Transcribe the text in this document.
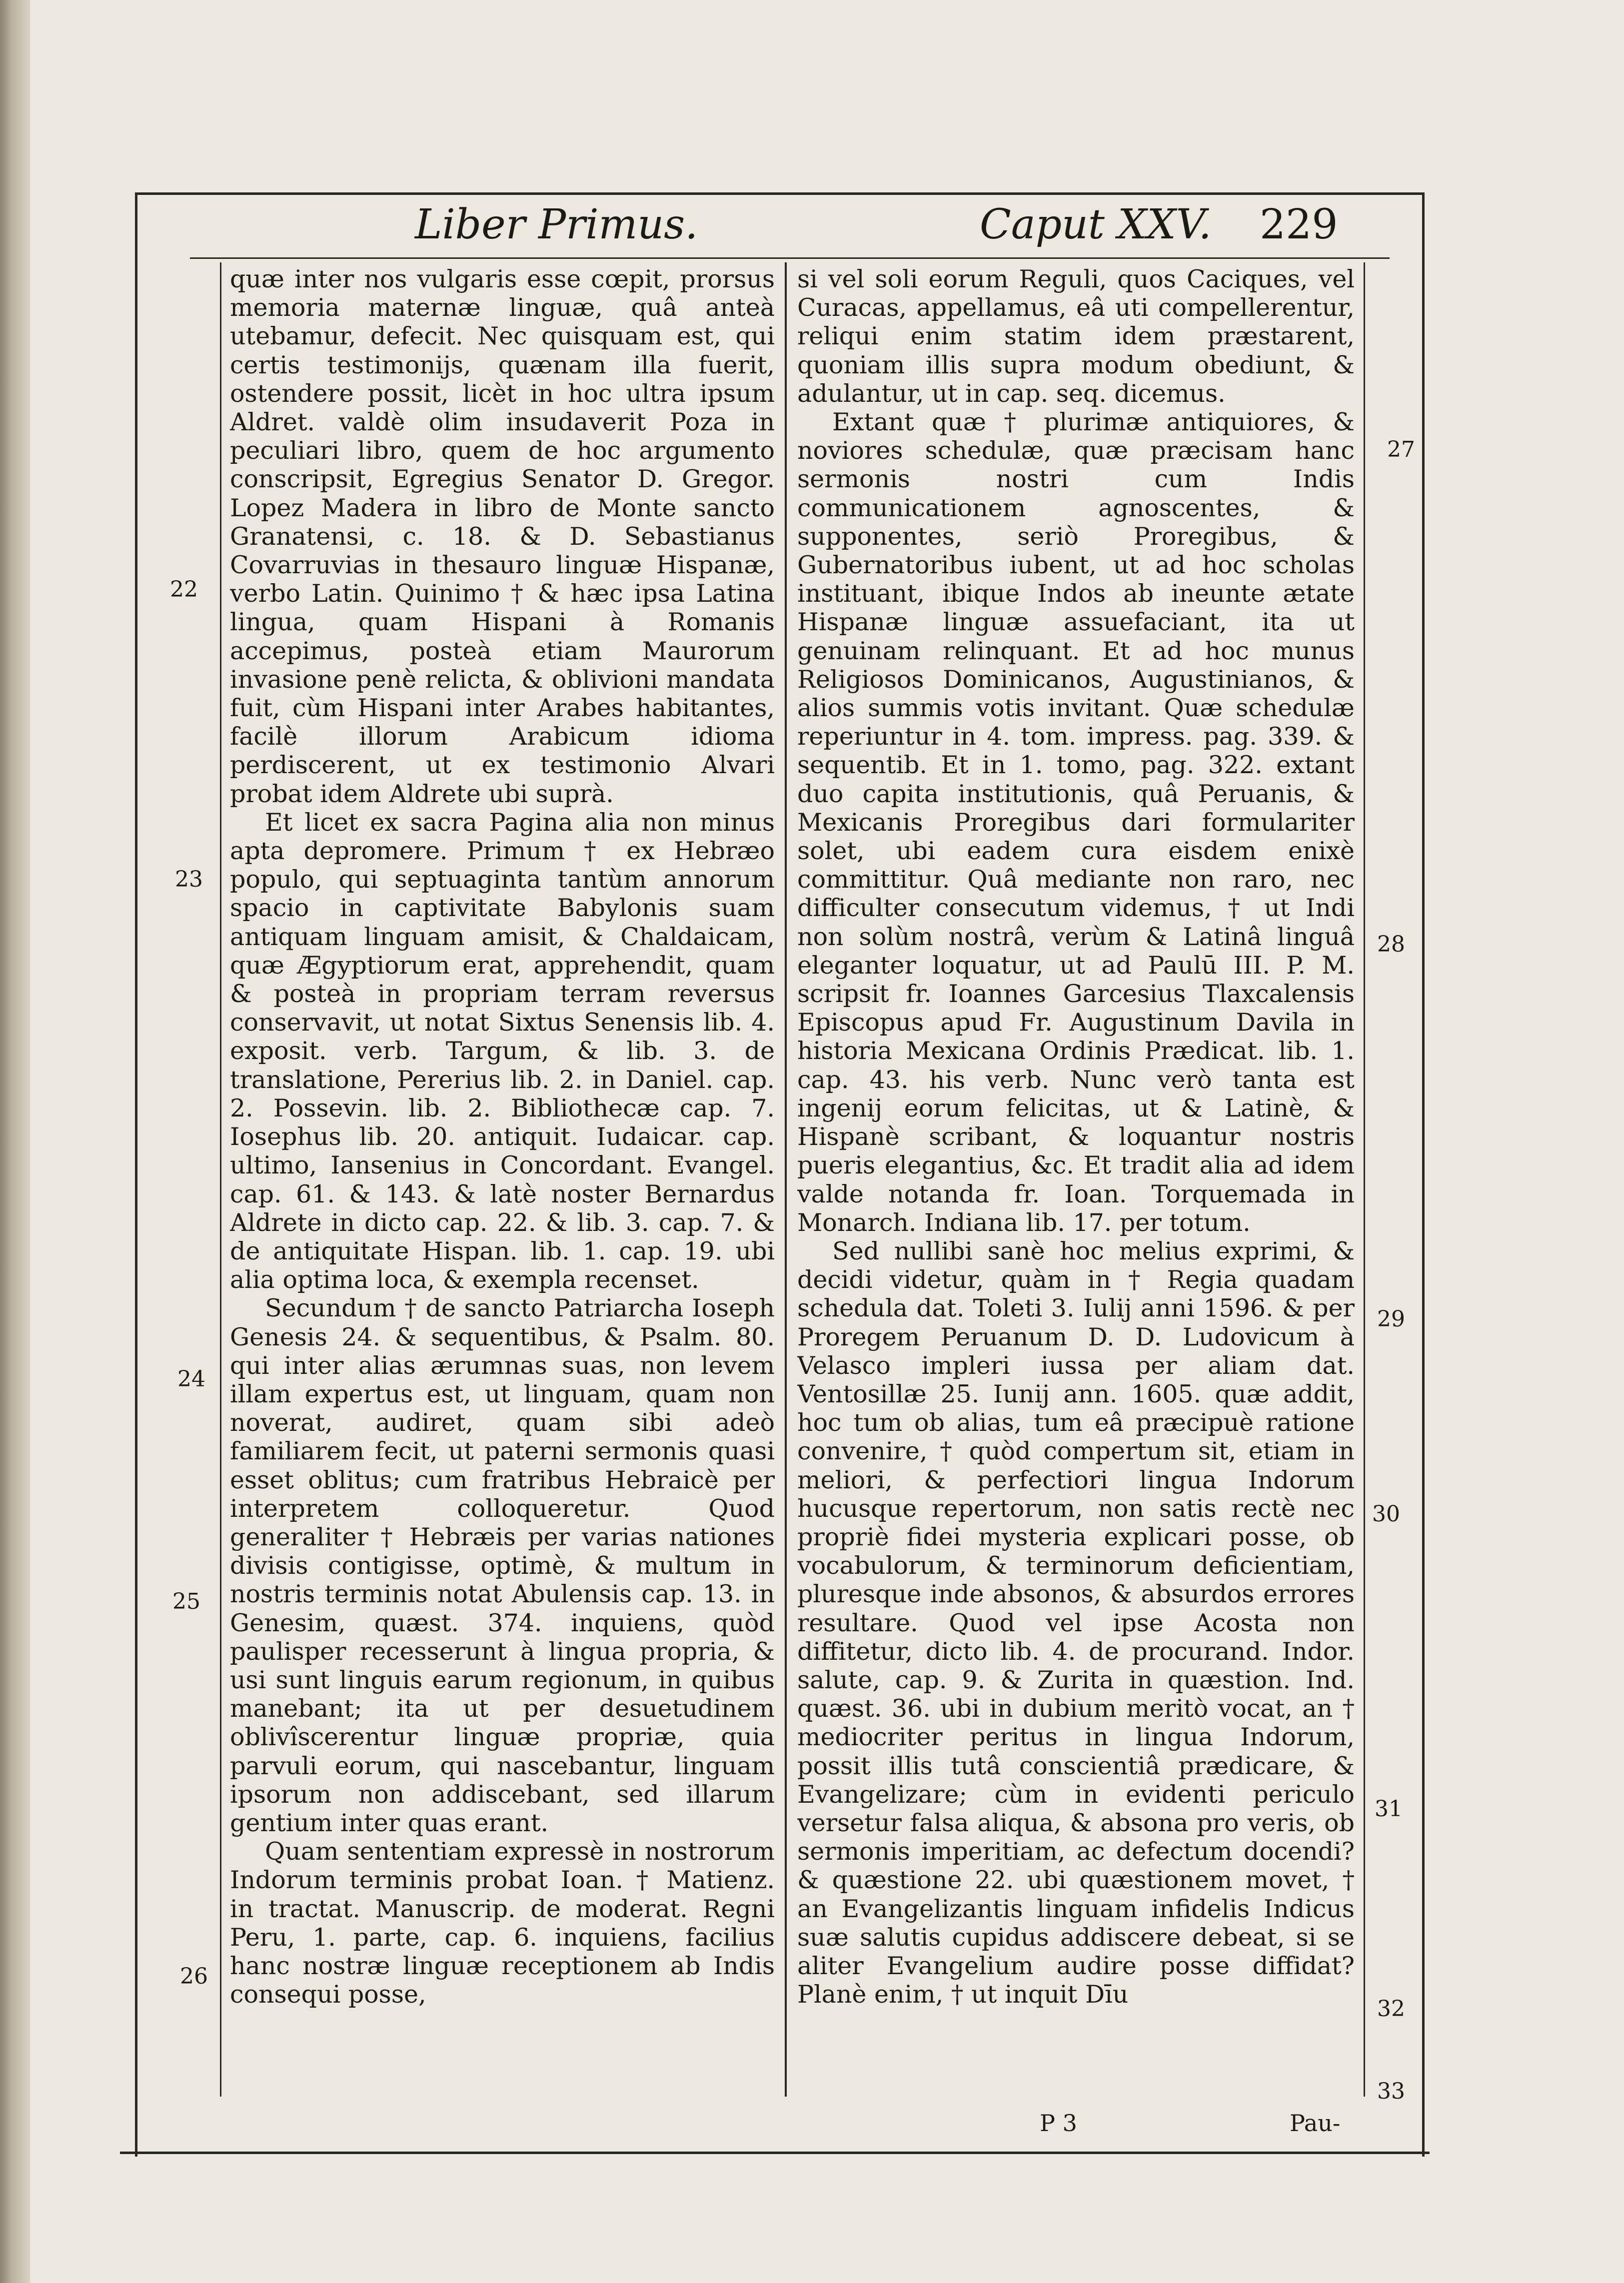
Liber Primus.	Caput XXV. 229

quæ inter nos vulgaris esse cœpit, prorsus memoria maternæ linguæ, quâ anteà utebamur, defecit. Nec quisquam est, qui certis testimonijs, quænam illa fuerit, ostendere possit, licèt in hoc ultra ipsum Aldret. valdè olim insudaverit Poza in peculiari libro, quem de hoc argumento conscripsit, Egregius Senator D. Gregor. Lopez Madera in libro de Monte sancto Granatensi, c. 18. & D. Sebastianus Covarruvias in thesauro linguæ Hispanæ, verbo Latin. Quinimo † & hæc ipsa Latina lingua, quam Hispani à Romanis accepimus, posteà etiam Maurorum invasione penè relicta, & oblivioni mandata fuit, cùm Hispani inter Arabes habitantes, facilè illorum Arabicum idioma perdiscerent, ut ex testimonio Alvari probat idem Aldrete ubi suprà.

Et licet ex sacra Pagina alia non minus apta depromere. Primum † ex Hebræo populo, qui septuaginta tantùm annorum spacio in captivitate Babylonis suam antiquam linguam amisit, & Chaldaicam, quæ Ægyptiorum erat, apprehendit, quam & posteà in propriam terram reversus conservavit, ut notat Sixtus Senensis lib. 4. exposit. verb. Targum, & lib. 3. de translatione, Pererius lib. 2. in Daniel. cap. 2. Possevin. lib. 2. Bibliothecæ cap. 7. Iosephus lib. 20. antiquit. Iudaicar. cap. ultimo, Iansenius in Concordant. Evangel. cap. 61. & 143. & latè noster Bernardus Aldrete in dicto cap. 22. & lib. 3. cap. 7. & de antiquitate Hispan. lib. 1. cap. 19. ubi alia optima loca, & exempla recenset.

Secundum † de sancto Patriarcha Ioseph Genesis 24. & sequentibus, & Psalm. 80. qui inter alias ærumnas suas, non levem illam expertus est, ut linguam, quam non noverat, audiret, quam sibi adeò familiarem fecit, ut paterni sermonis quasi esset oblitus; cum fratribus Hebraicè per interpretem colloqueretur. Quod generaliter † Hebræis per varias nationes divisis contigisse, optimè, & multum in nostris terminis notat Abulensis cap. 13. in Genesim, quæst. 374. inquiens, quòd paulisper recesserunt à lingua propria, & usi sunt linguis earum regionum, in quibus manebant; ita ut per desuetudinem oblivîscerentur linguæ propriæ, quia parvuli eorum, qui nascebantur, linguam ipsorum non addiscebant, sed illarum gentium inter quas erant.

Quam sententiam expressè in nostrorum Indorum terminis probat Ioan. † Matienz. in tractat. Manuscrip. de moderat. Regni Peru, 1. parte, cap. 6. inquiens, facilius hanc nostræ linguæ receptionem ab Indis consequi posse,

si vel soli eorum Reguli, quos Caciques, vel Curacas, appellamus, eâ uti compellerentur, reliqui enim statim idem præstarent, quoniam illis supra modum obediunt, & adulantur, ut in cap. seq. dicemus.

Extant quæ † plurimæ antiquiores, & noviores schedulæ, quæ præcisam hanc sermonis nostri cum Indis communicationem agnoscentes, & supponentes, seriò Proregibus, & Gubernatoribus iubent, ut ad hoc scholas instituant, ibique Indos ab ineunte ætate Hispanæ linguæ assuefaciant, ita ut genuinam relinquant. Et ad hoc munus Religiosos Dominicanos, Augustinianos, & alios summis votis invitant. Quæ schedulæ reperiuntur in 4. tom. impress. pag. 339. & sequentib. Et in 1. tomo, pag. 322. extant duo capita institutionis, quâ Peruanis, & Mexicanis Proregibus dari formulariter solet, ubi eadem cura eisdem enixè committitur. Quâ mediante non raro, nec difficulter consecutum videmus, † ut Indi non solùm nostrâ, verùm & Latinâ linguâ eleganter loquatur, ut ad Paulū III. P. M. scripsit fr. Ioannes Garcesius Tlaxcalensis Episcopus apud Fr. Augustinum Davila in historia Mexicana Ordinis Prædicat. lib. 1. cap. 43. his verb. Nunc verò tanta est ingenij eorum felicitas, ut & Latinè, & Hispanè scribant, & loquantur nostris pueris elegantius, &c. Et tradit alia ad idem valde notanda fr. Ioan. Torquemada in Monarch. Indiana lib. 17. per totum.

Sed nullibi sanè hoc melius exprimi, & decidi videtur, quàm in † Regia quadam schedula dat. Toleti 3. Iulij anni 1596. & per Proregem Peruanum D. D. Ludovicum à Velasco impleri iussa per aliam dat. Ventosillæ 25. Iunij ann. 1605. quæ addit, hoc tum ob alias, tum eâ præcipuè ratione convenire, † quòd compertum sit, etiam in meliori, & perfectiori lingua Indorum hucusque repertorum, non satis rectè nec propriè fidei mysteria explicari posse, ob vocabulorum, & terminorum deficientiam, pluresque inde absonos, & absurdos errores resultare. Quod vel ipse Acosta non diffitetur, dicto lib. 4. de procurand. Indor. salute, cap. 9. & Zurita in quæstion. Ind. quæst. 36. ubi in dubium meritò vocat, an † mediocriter peritus in lingua Indorum, possit illis tutâ conscientiâ prædicare, & Evangelizare; cùm in evidenti periculo versetur falsa aliqua, & absona pro veris, ob sermonis imperitiam, ac defectum docendi? & quæstione 22. ubi quæstionem movet, † an Evangelizantis linguam infidelis Indicus suæ salutis cupidus addiscere debeat, si se aliter Evangelium audire posse diffidat? Planè enim, † ut inquit Dīu

22
23
24
25
26
27
28
29
30
31
32
33
P 3	Pau-
